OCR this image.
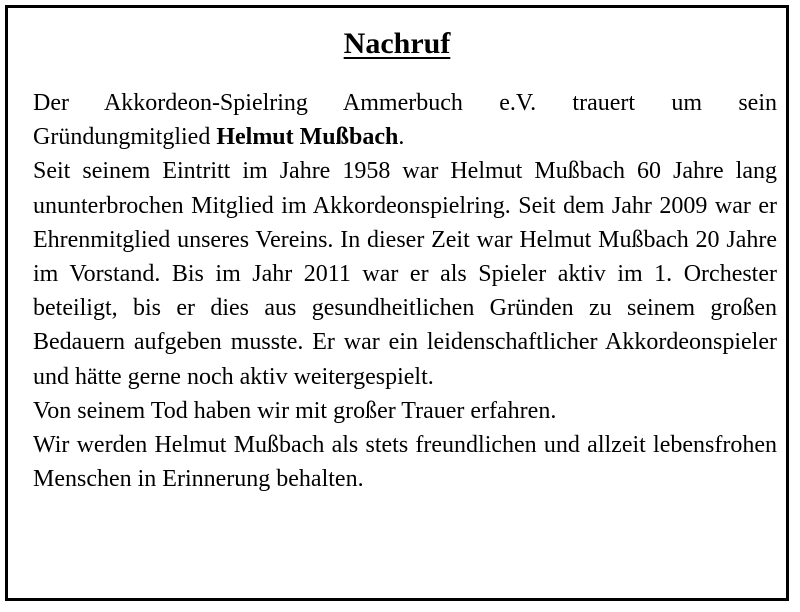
Nachruf

Der Akkordeon-Spielring Ammerbuch e.V. trauert um sein Gründungmitglied Helmut Mußbach.

Seit seinem Eintritt im Jahre 1958 war Helmut Mußbach 60 Jahre lang ununterbrochen Mitglied im Akkordeonspielring. Seit dem Jahr 2009 war er Ehrenmitglied unseres Vereins. In dieser Zeit war Helmut Mußbach 20 Jahre im Vorstand. Bis im Jahr 2011 war er als Spieler aktiv im 1. Orchester beteiligt, bis er dies aus gesundheitlichen Gründen zu seinem großen Bedauern aufgeben musste. Er war ein leidenschaftlicher Akkordeonspieler und hätte gerne noch aktiv weitergespielt.

Von seinem Tod haben wir mit großer Trauer erfahren.

Wir werden Helmut Mußbach als stets freundlichen und allzeit lebensfrohen Menschen in Erinnerung behalten.
